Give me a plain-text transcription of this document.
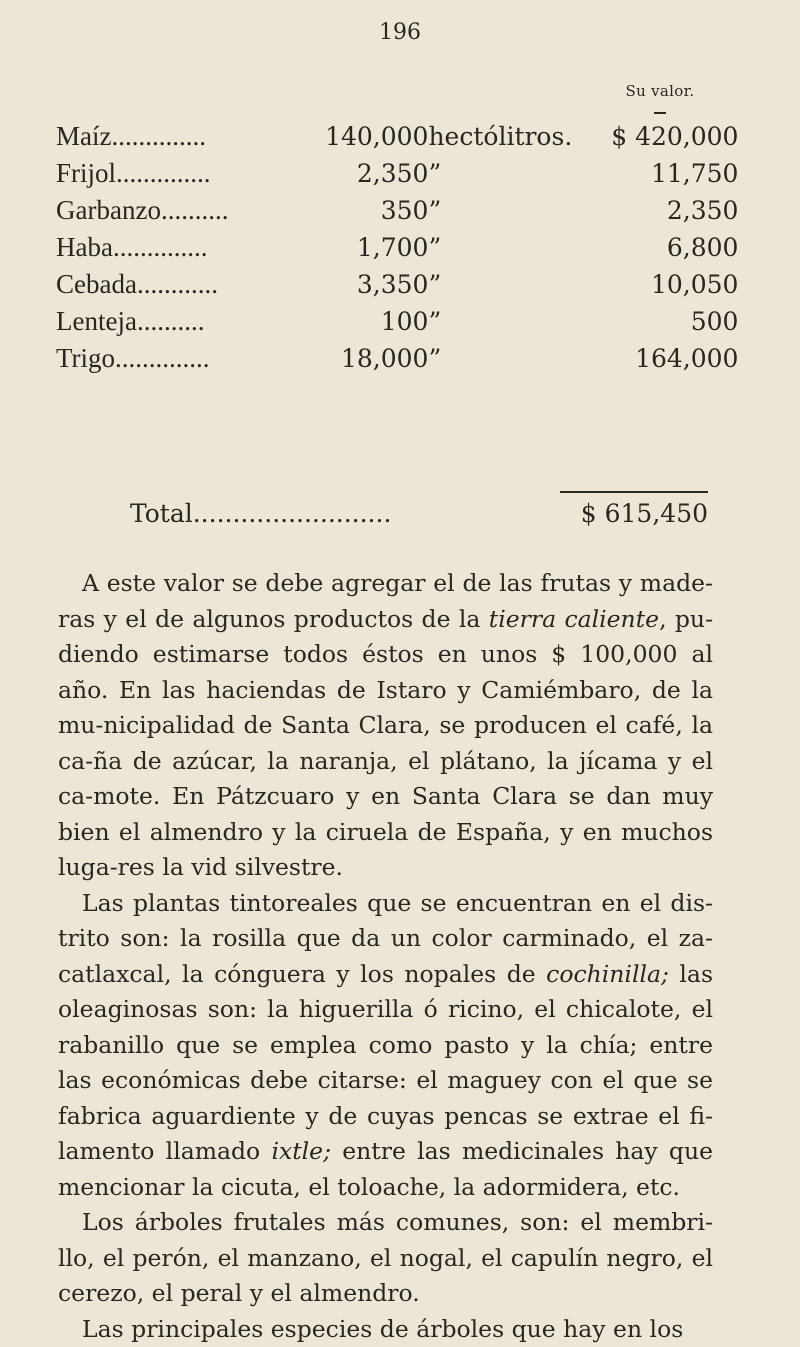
196
Su valor.
Maíz..............	140,000	hectólitros.	$ 420,000
Frijol..............	2,350	”	11,750
Garbanzo..........	350	”	2,350
Haba..............	1,700	”	6,800
Cebada............	3,350	”	10,050
Lenteja..........	100	”	500
Trigo..............	18,000	”	164,000
Total.........................	$ 615,450

A este valor se debe agregar el de las frutas y made-ras y el de algunos productos de la tierra caliente, pu-diendo estimarse todos éstos en unos $ 100,000 al año. En las haciendas de Istaro y Camiémbaro, de la mu-nicipalidad de Santa Clara, se producen el café, la ca-ña de azúcar, la naranja, el plátano, la jícama y el ca-mote. En Pátzcuaro y en Santa Clara se dan muy bien el almendro y la ciruela de España, y en muchos luga-res la vid silvestre.

Las plantas tintoreales que se encuentran en el dis-trito son: la rosilla que da un color carminado, el za-catlaxcal, la cónguera y los nopales de cochinilla; las oleaginosas son: la higuerilla ó ricino, el chicalote, el rabanillo que se emplea como pasto y la chía; entre las económicas debe citarse: el maguey con el que se fabrica aguardiente y de cuyas pencas se extrae el fi-lamento llamado ixtle; entre las medicinales hay que mencionar la cicuta, el toloache, la adormidera, etc.

Los árboles frutales más comunes, son: el membri-llo, el perón, el manzano, el nogal, el capulín negro, el cerezo, el peral y el almendro.

Las principales especies de árboles que hay en los
